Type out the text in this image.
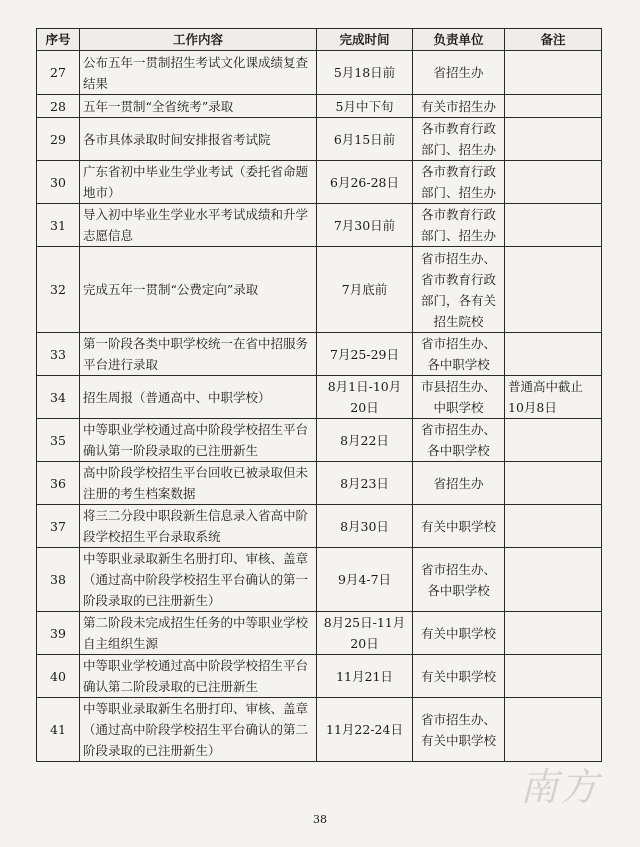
序号	工作内容	完成时间	负责单位	备注
27	公布五年一贯制招生考试文化课成绩复查结果	5月18日前	省招生办	
28	五年一贯制“全省统考”录取	5月中下旬	有关市招生办	
29	各市具体录取时间安排报省考试院	6月15日前	各市教育行政部门、招生办	
30	广东省初中毕业生学业考试（委托省命题地市）	6月26-28日	各市教育行政部门、招生办	
31	导入初中毕业生学业水平考试成绩和升学志愿信息	7月30日前	各市教育行政部门、招生办	
32	完成五年一贯制“公费定向”录取	7月底前	省市招生办、省市教育行政部门，各有关招生院校	
33	第一阶段各类中职学校统一在省中招服务平台进行录取	7月25-29日	省市招生办、各中职学校	
34	招生周报（普通高中、中职学校）	8月1日-10月20日	市县招生办、中职学校	普通高中截止10月8日
35	中等职业学校通过高中阶段学校招生平台确认第一阶段录取的已注册新生	8月22日	省市招生办、各中职学校	
36	高中阶段学校招生平台回收已被录取但未注册的考生档案数据	8月23日	省招生办	
37	将三二分段中职段新生信息录入省高中阶段学校招生平台录取系统	8月30日	有关中职学校	
38	中等职业录取新生名册打印、审核、盖章（通过高中阶段学校招生平台确认的第一阶段录取的已注册新生）	9月4-7日	省市招生办、各中职学校	
39	第二阶段未完成招生任务的中等职业学校自主组织生源	8月25日-11月20日	有关中职学校	
40	中等职业学校通过高中阶段学校招生平台确认第二阶段录取的已注册新生	11月21日	有关中职学校	
41	中等职业录取新生名册打印、审核、盖章（通过高中阶段学校招生平台确认的第二阶段录取的已注册新生）	11月22-24日	省市招生办、有关中职学校	
38
南方
